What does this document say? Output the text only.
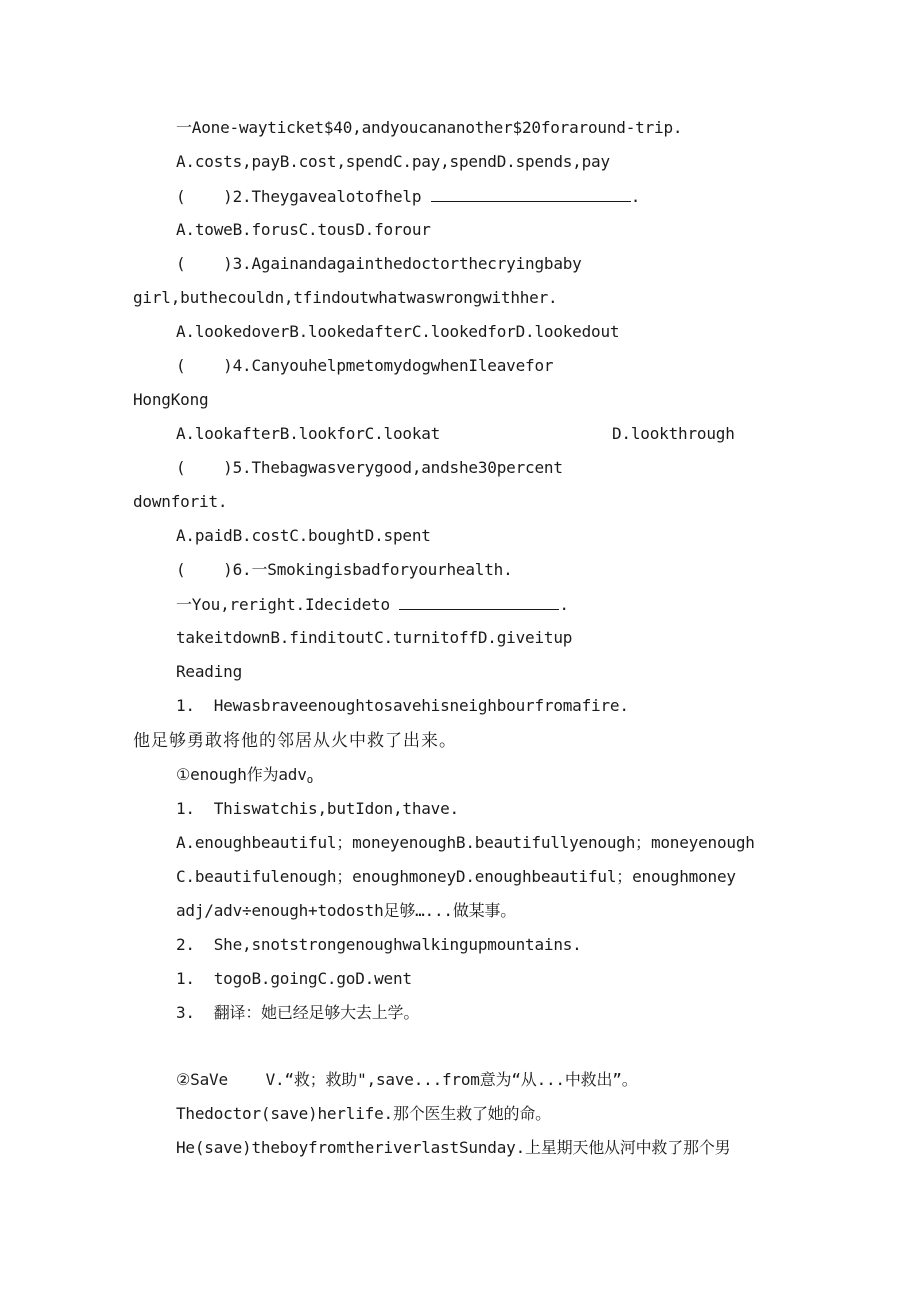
一Aone-wayticket$40,andyoucananother$20foraround-trip.
A.costs,payB.cost,spendC.pay,spendD.spends,pay
(    )2.Theygavealotofhelp	.
A.toweB.forusC.tousD.forour
(    )3.Againandagainthedoctorthecryingbaby
girl,buthecouldn,tfindoutwhatwaswrongwithher.
A.lookedoverB.lookedafterC.lookedforD.lookedout
(    )4.CanyouhelpmetomydogwhenIleavefor
HongKong
A.lookafterB.lookforC.lookat	D.lookthrough
(    )5.Thebagwasverygood,andshe30percent
downforit.
A.paidB.costC.boughtD.spent
(    )6.一Smokingisbadforyourhealth.
一You,reright.Idecideto	.
takeitdownB.finditoutC.turnitoffD.giveitup
Reading
1.  Hewasbraveenoughtosavehisneighbourfromafire.
他足够勇敢将他的邻居从火中救了出来。
①enough作为adv$_o$
1.  Thiswatchis,butIdon,thave.
A.enoughbeautiful；moneyenoughB.beautifullyenough；moneyenough
C.beautifulenough；enoughmoneyD.enoughbeautiful；enoughmoney
adj/adv÷enough+todosth足够…...做某事。
2.  She,snotstrongenoughwalkingupmountains.
1.  togoB.goingC.goD.went
3.  翻译：她已经足够大去上学。
②SaVe    V.“救；救助",save...from意为“从...中救出”。
Thedoctor(save)herlife.那个医生救了她的命。
He(save)theboyfromtheriverlastSunday.上星期天他从河中救了那个男
